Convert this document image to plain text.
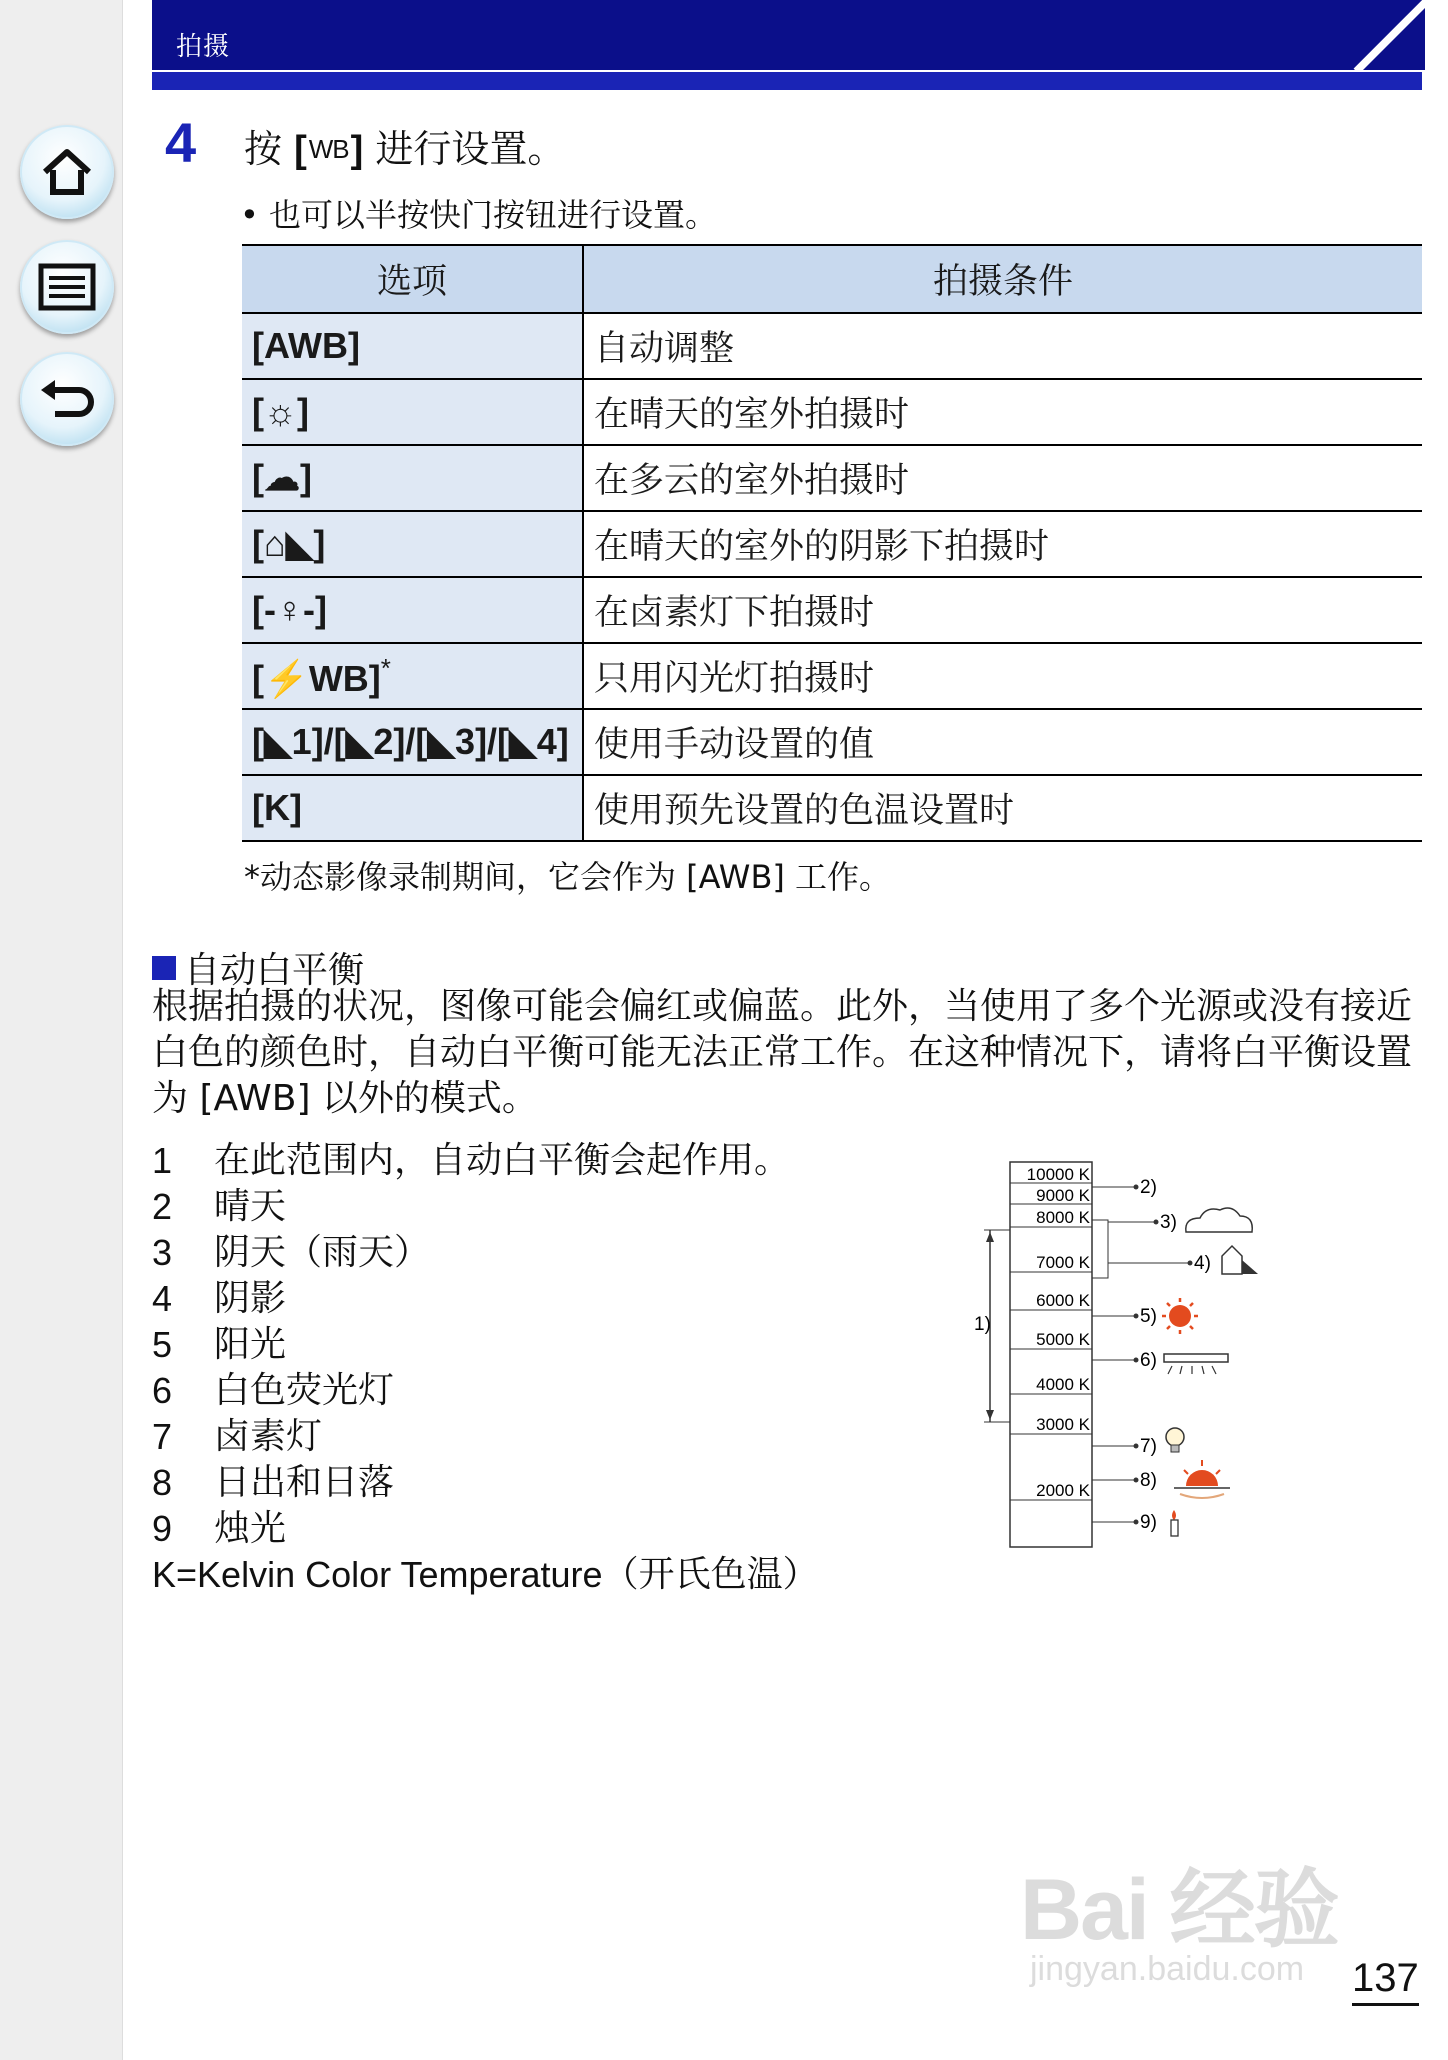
拍摄
4 按 [WB] 进行设置。
• 也可以半按快门按钮进行设置。
选项	拍摄条件
[AWB]	自动调整
[☼]	在晴天的室外拍摄时
[☁]	在多云的室外拍摄时
[⌂◣]	在晴天的室外的阴影下拍摄时
[-♀-]	在卤素灯下拍摄时
[⚡WB]*	只用闪光灯拍摄时
[◣1]/[◣2]/[◣3]/[◣4]	使用手动设置的值
[K]	使用预先设置的色温设置时
*动态影像录制期间，它会作为 [AWB] 工作。
自动白平衡
根据拍摄的状况，图像可能会偏红或偏蓝。此外，当使用了多个光源或没有接近白色的颜色时，自动白平衡可能无法正常工作。在这种情况下，请将白平衡设置为 [AWB] 以外的模式。
1	在此范围内，自动白平衡会起作用。
2	晴天
3	阴天（雨天）
4	阴影
5	阳光
6	白色荧光灯
7	卤素灯
8	日出和日落
9	烛光
K=Kelvin Color Temperature （开氏色温）
10000 K
9000 K
8000 K
7000 K
6000 K
5000 K
4000 K
3000 K
2000 K
1)
2)
3)
4)
5)
6)
7)
8)
9)
Bai 经验
jingyan.baidu.com 137
